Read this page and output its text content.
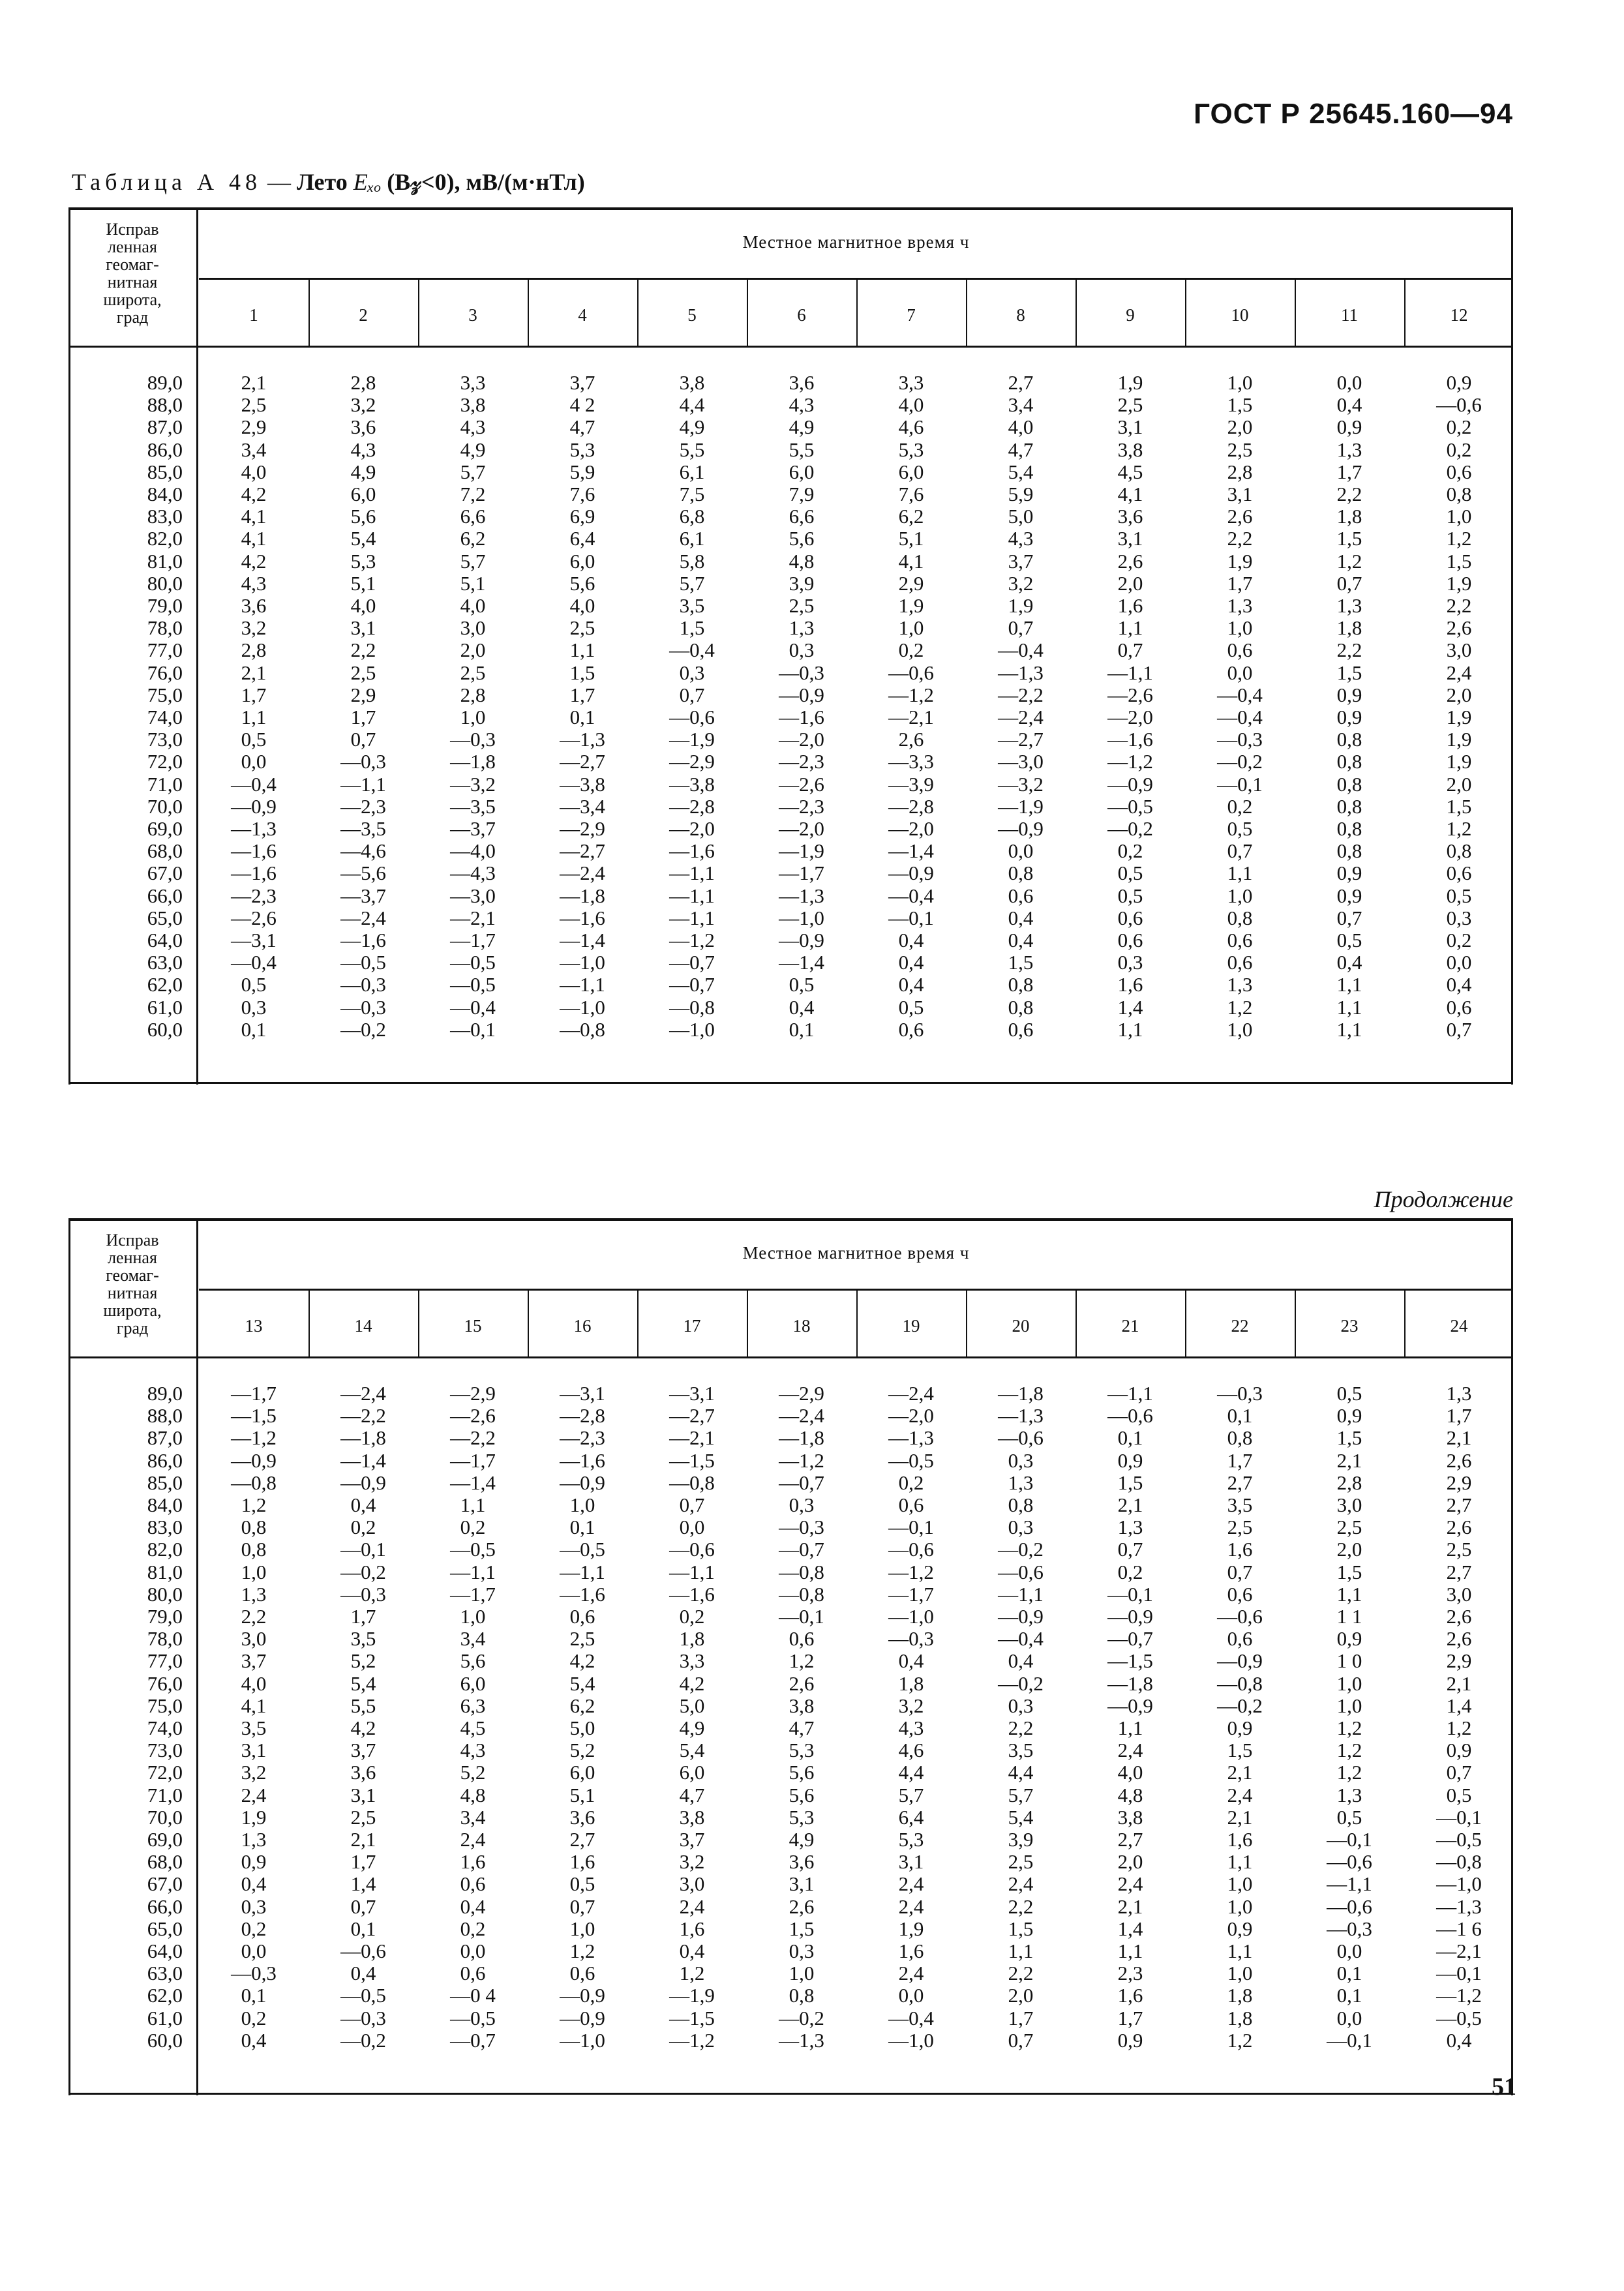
ГОСТ Р 25645.160—94
Таблица А 48 — Лето Eₓₒ (B𝓏<0), мВ/(м·нТл)
Исправ
ленная
геомаг-
нитная
широта,
град
Местное магнитное время ч
1	2	3	4	5	6	7	8	9	10	11	12
89,0	2,1	2,8	3,3	3,7	3,8	3,6	3,3	2,7	1,9	1,0	0,0	0,9
88,0	2,5	3,2	3,8	4 2	4,4	4,3	4,0	3,4	2,5	1,5	0,4	—0,6
87,0	2,9	3,6	4,3	4,7	4,9	4,9	4,6	4,0	3,1	2,0	0,9	0,2
86,0	3,4	4,3	4,9	5,3	5,5	5,5	5,3	4,7	3,8	2,5	1,3	0,2
85,0	4,0	4,9	5,7	5,9	6,1	6,0	6,0	5,4	4,5	2,8	1,7	0,6
84,0	4,2	6,0	7,2	7,6	7,5	7,9	7,6	5,9	4,1	3,1	2,2	0,8
83,0	4,1	5,6	6,6	6,9	6,8	6,6	6,2	5,0	3,6	2,6	1,8	1,0
82,0	4,1	5,4	6,2	6,4	6,1	5,6	5,1	4,3	3,1	2,2	1,5	1,2
81,0	4,2	5,3	5,7	6,0	5,8	4,8	4,1	3,7	2,6	1,9	1,2	1,5
80,0	4,3	5,1	5,1	5,6	5,7	3,9	2,9	3,2	2,0	1,7	0,7	1,9
79,0	3,6	4,0	4,0	4,0	3,5	2,5	1,9	1,9	1,6	1,3	1,3	2,2
78,0	3,2	3,1	3,0	2,5	1,5	1,3	1,0	0,7	1,1	1,0	1,8	2,6
77,0	2,8	2,2	2,0	1,1	—0,4	0,3	0,2	—0,4	0,7	0,6	2,2	3,0
76,0	2,1	2,5	2,5	1,5	0,3	—0,3	—0,6	—1,3	—1,1	0,0	1,5	2,4
75,0	1,7	2,9	2,8	1,7	0,7	—0,9	—1,2	—2,2	—2,6	—0,4	0,9	2,0
74,0	1,1	1,7	1,0	0,1	—0,6	—1,6	—2,1	—2,4	—2,0	—0,4	0,9	1,9
73,0	0,5	0,7	—0,3	—1,3	—1,9	—2,0	2,6	—2,7	—1,6	—0,3	0,8	1,9
72,0	0,0	—0,3	—1,8	—2,7	—2,9	—2,3	—3,3	—3,0	—1,2	—0,2	0,8	1,9
71,0	—0,4	—1,1	—3,2	—3,8	—3,8	—2,6	—3,9	—3,2	—0,9	—0,1	0,8	2,0
70,0	—0,9	—2,3	—3,5	—3,4	—2,8	—2,3	—2,8	—1,9	—0,5	0,2	0,8	1,5
69,0	—1,3	—3,5	—3,7	—2,9	—2,0	—2,0	—2,0	—0,9	—0,2	0,5	0,8	1,2
68,0	—1,6	—4,6	—4,0	—2,7	—1,6	—1,9	—1,4	0,0	0,2	0,7	0,8	0,8
67,0	—1,6	—5,6	—4,3	—2,4	—1,1	—1,7	—0,9	0,8	0,5	1,1	0,9	0,6
66,0	—2,3	—3,7	—3,0	—1,8	—1,1	—1,3	—0,4	0,6	0,5	1,0	0,9	0,5
65,0	—2,6	—2,4	—2,1	—1,6	—1,1	—1,0	—0,1	0,4	0,6	0,8	0,7	0,3
64,0	—3,1	—1,6	—1,7	—1,4	—1,2	—0,9	0,4	0,4	0,6	0,6	0,5	0,2
63,0	—0,4	—0,5	—0,5	—1,0	—0,7	—1,4	0,4	1,5	0,3	0,6	0,4	0,0
62,0	0,5	—0,3	—0,5	—1,1	—0,7	0,5	0,4	0,8	1,6	1,3	1,1	0,4
61,0	0,3	—0,3	—0,4	—1,0	—0,8	0,4	0,5	0,8	1,4	1,2	1,1	0,6
60,0	0,1	—0,2	—0,1	—0,8	—1,0	0,1	0,6	0,6	1,1	1,0	1,1	0,7
Продолжение
Исправ
ленная
геомаг-
нитная
широта,
град
Местное магнитное время ч
13	14	15	16	17	18	19	20	21	22	23	24
89,0	—1,7	—2,4	—2,9	—3,1	—3,1	—2,9	—2,4	—1,8	—1,1	—0,3	0,5	1,3
88,0	—1,5	—2,2	—2,6	—2,8	—2,7	—2,4	—2,0	—1,3	—0,6	0,1	0,9	1,7
87,0	—1,2	—1,8	—2,2	—2,3	—2,1	—1,8	—1,3	—0,6	0,1	0,8	1,5	2,1
86,0	—0,9	—1,4	—1,7	—1,6	—1,5	—1,2	—0,5	0,3	0,9	1,7	2,1	2,6
85,0	—0,8	—0,9	—1,4	—0,9	—0,8	—0,7	0,2	1,3	1,5	2,7	2,8	2,9
84,0	1,2	0,4	1,1	1,0	0,7	0,3	0,6	0,8	2,1	3,5	3,0	2,7
83,0	0,8	0,2	0,2	0,1	0,0	—0,3	—0,1	0,3	1,3	2,5	2,5	2,6
82,0	0,8	—0,1	—0,5	—0,5	—0,6	—0,7	—0,6	—0,2	0,7	1,6	2,0	2,5
81,0	1,0	—0,2	—1,1	—1,1	—1,1	—0,8	—1,2	—0,6	0,2	0,7	1,5	2,7
80,0	1,3	—0,3	—1,7	—1,6	—1,6	—0,8	—1,7	—1,1	—0,1	0,6	1,1	3,0
79,0	2,2	1,7	1,0	0,6	0,2	—0,1	—1,0	—0,9	—0,9	—0,6	1 1	2,6
78,0	3,0	3,5	3,4	2,5	1,8	0,6	—0,3	—0,4	—0,7	0,6	0,9	2,6
77,0	3,7	5,2	5,6	4,2	3,3	1,2	0,4	0,4	—1,5	—0,9	1 0	2,9
76,0	4,0	5,4	6,0	5,4	4,2	2,6	1,8	—0,2	—1,8	—0,8	1,0	2,1
75,0	4,1	5,5	6,3	6,2	5,0	3,8	3,2	0,3	—0,9	—0,2	1,0	1,4
74,0	3,5	4,2	4,5	5,0	4,9	4,7	4,3	2,2	1,1	0,9	1,2	1,2
73,0	3,1	3,7	4,3	5,2	5,4	5,3	4,6	3,5	2,4	1,5	1,2	0,9
72,0	3,2	3,6	5,2	6,0	6,0	5,6	4,4	4,4	4,0	2,1	1,2	0,7
71,0	2,4	3,1	4,8	5,1	4,7	5,6	5,7	5,7	4,8	2,4	1,3	0,5
70,0	1,9	2,5	3,4	3,6	3,8	5,3	6,4	5,4	3,8	2,1	0,5	—0,1
69,0	1,3	2,1	2,4	2,7	3,7	4,9	5,3	3,9	2,7	1,6	—0,1	—0,5
68,0	0,9	1,7	1,6	1,6	3,2	3,6	3,1	2,5	2,0	1,1	—0,6	—0,8
67,0	0,4	1,4	0,6	0,5	3,0	3,1	2,4	2,4	2,4	1,0	—1,1	—1,0
66,0	0,3	0,7	0,4	0,7	2,4	2,6	2,4	2,2	2,1	1,0	—0,6	—1,3
65,0	0,2	0,1	0,2	1,0	1,6	1,5	1,9	1,5	1,4	0,9	—0,3	—1 6
64,0	0,0	—0,6	0,0	1,2	0,4	0,3	1,6	1,1	1,1	1,1	0,0	—2,1
63,0	—0,3	0,4	0,6	0,6	1,2	1,0	2,4	2,2	2,3	1,0	0,1	—0,1
62,0	0,1	—0,5	—0 4	—0,9	—1,9	0,8	0,0	2,0	1,6	1,8	0,1	—1,2
61,0	0,2	—0,3	—0,5	—0,9	—1,5	—0,2	—0,4	1,7	1,7	1,8	0,0	—0,5
60,0	0,4	—0,2	—0,7	—1,0	—1,2	—1,3	—1,0	0,7	0,9	1,2	—0,1	0,4
51
